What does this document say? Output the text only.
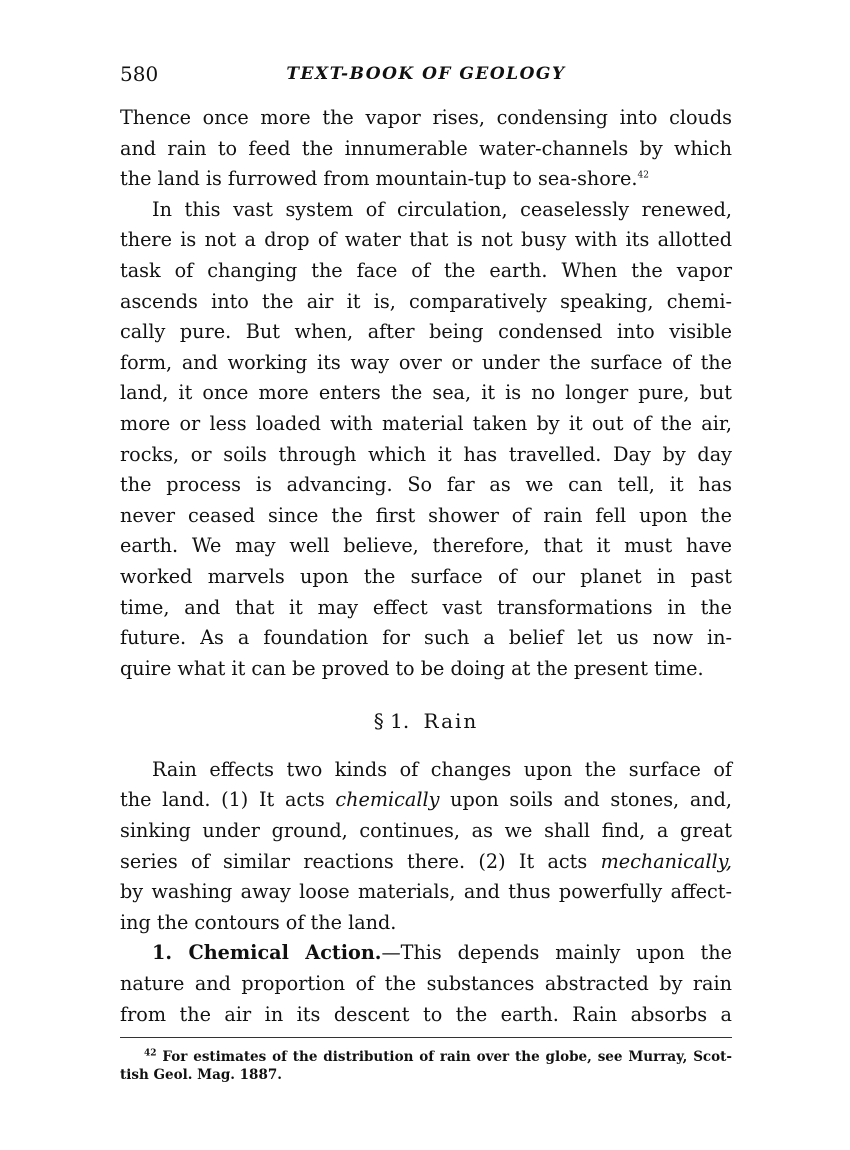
580	TEXT-BOOK OF GEOLOGY

Thence once more the vapor rises, condensing into clouds
and rain to feed the innumerable water-channels by which
the land is furrowed from mountain-tup to sea-shore.$^{42}$

In this vast system of circulation, ceaselessly renewed,
there is not a drop of water that is not busy with its allotted
task of changing the face of the earth. When the vapor
ascends into the air it is, comparatively speaking, chemi-
cally pure. But when, after being condensed into visible
form, and working its way over or under the surface of the
land, it once more enters the sea, it is no longer pure, but
more or less loaded with material taken by it out of the air,
rocks, or soils through which it has travelled. Day by day
the process is advancing. So far as we can tell, it has
never ceased since the first shower of rain fell upon the
earth. We may well believe, therefore, that it must have
worked marvels upon the surface of our planet in past
time, and that it may effect vast transformations in the
future. As a foundation for such a belief let us now in-
quire what it can be proved to be doing at the present time.

§ 1. Rain

Rain effects two kinds of changes upon the surface of
the land. (1) It acts chemically upon soils and stones, and,
sinking under ground, continues, as we shall find, a great
series of similar reactions there. (2) It acts mechanically,
by washing away loose materials, and thus powerfully affect-
ing the contours of the land.

1. Chemical Action.—This depends mainly upon the
nature and proportion of the substances abstracted by rain
from the air in its descent to the earth. Rain absorbs a

$^{42}$ For estimates of the distribution of rain over the globe, see Murray, Scot-
tish Geol. Mag. 1887.
